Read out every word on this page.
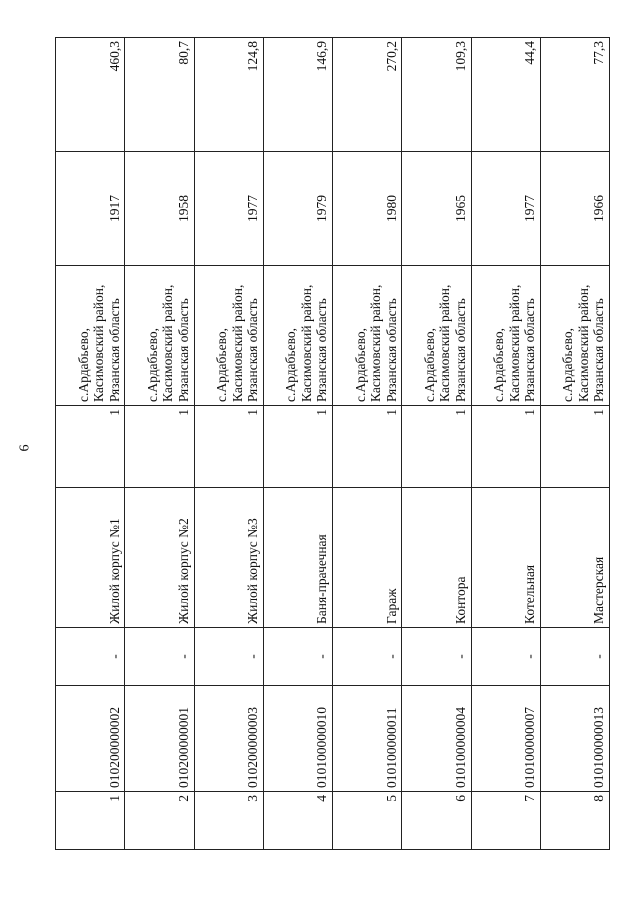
6
1	010200000002	-	Жилой корпус №1	1	с.Ардабьево, Касимовский район, Рязанская область	1917	460,3
2	010200000001	-	Жилой корпус №2	1	с.Ардабьево, Касимовский район, Рязанская область	1958	80,7
3	010200000003	-	Жилой корпус №3	1	с.Ардабьево, Касимовский район, Рязанская область	1977	124,8
4	010100000010	-	Баня-прачечная	1	с.Ардабьево, Касимовский район, Рязанская область	1979	146,9
5	010100000011	-	Гараж	1	с.Ардабьево, Касимовский район, Рязанская область	1980	270,2
6	010100000004	-	Контора	1	с.Ардабьево, Касимовский район, Рязанская область	1965	109,3
7	010100000007	-	Котельная	1	с.Ардабьево, Касимовский район, Рязанская область	1977	44,4
8	010100000013	-	Мастерская	1	с.Ардабьево, Касимовский район, Рязанская область	1966	77,3
